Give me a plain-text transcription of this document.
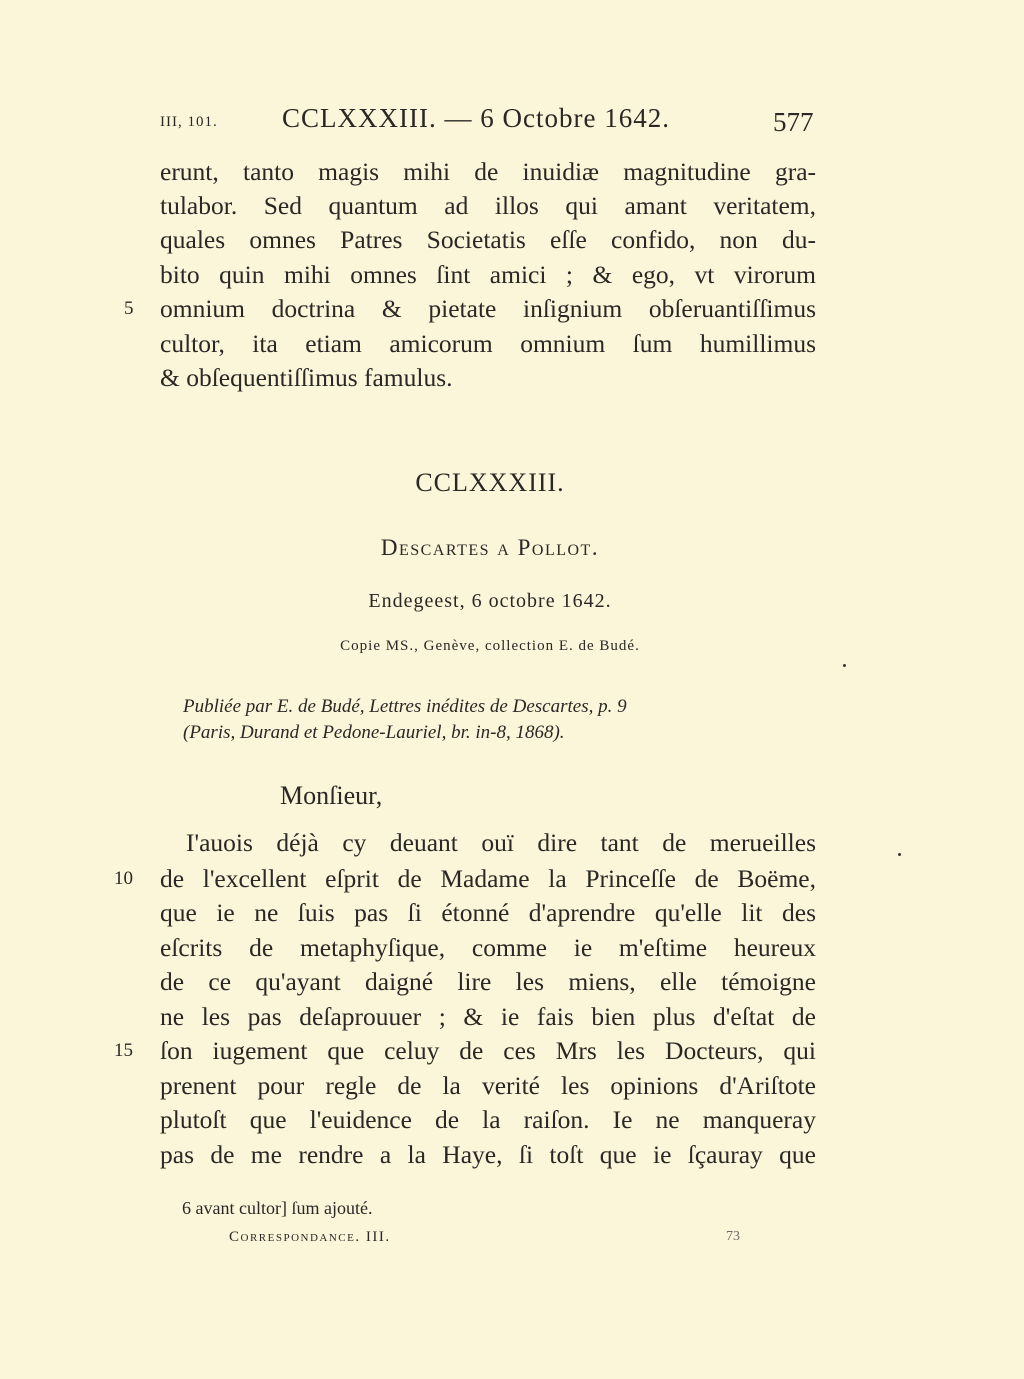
III, 101. CCLXXXIII. — 6 Octobre 1642.	577
erunt, tanto magis mihi de inuidiæ magnitudine gra-
tulabor. Sed quantum ad illos qui amant veritatem,
quales omnes Patres Societatis eſſe confido, non du-
bito quin mihi omnes ſint amici ; & ego, vt virorum
5 omnium doctrina & pietate inſignium obſeruantiſſimus
cultor, ita etiam amicorum omnium ſum humillimus
& obſequentiſſimus famulus.
CCLXXXIII.
Descartes a Pollot.
Endegeest, 6 octobre 1642.
Copie MS., Genève, collection E. de Budé.
Publiée par E. de Budé, Lettres inédites de Descartes, p. 9
(Paris, Durand et Pedone-Lauriel, br. in-8, 1868).
Monſieur,
I'auois déjà cy deuant ouï dire tant de merueilles
10 de l'excellent eſprit de Madame la Princeſſe de Boëme,
que ie ne ſuis pas ſi étonné d'aprendre qu'elle lit des
eſcrits de metaphyſique, comme ie m'eſtime heureux
de ce qu'ayant daigné lire les miens, elle témoigne
ne les pas deſaprouuer ; & ie fais bien plus d'eſtat de
15 ſon iugement que celuy de ces Mrs les Docteurs, qui
prenent pour regle de la verité les opinions d'Ariſtote
plutoſt que l'euidence de la raiſon. Ie ne manqueray
pas de me rendre a la Haye, ſi toſt que ie ſçauray que
6 avant cultor] ſum ajouté.
Correspondance. III.	73
